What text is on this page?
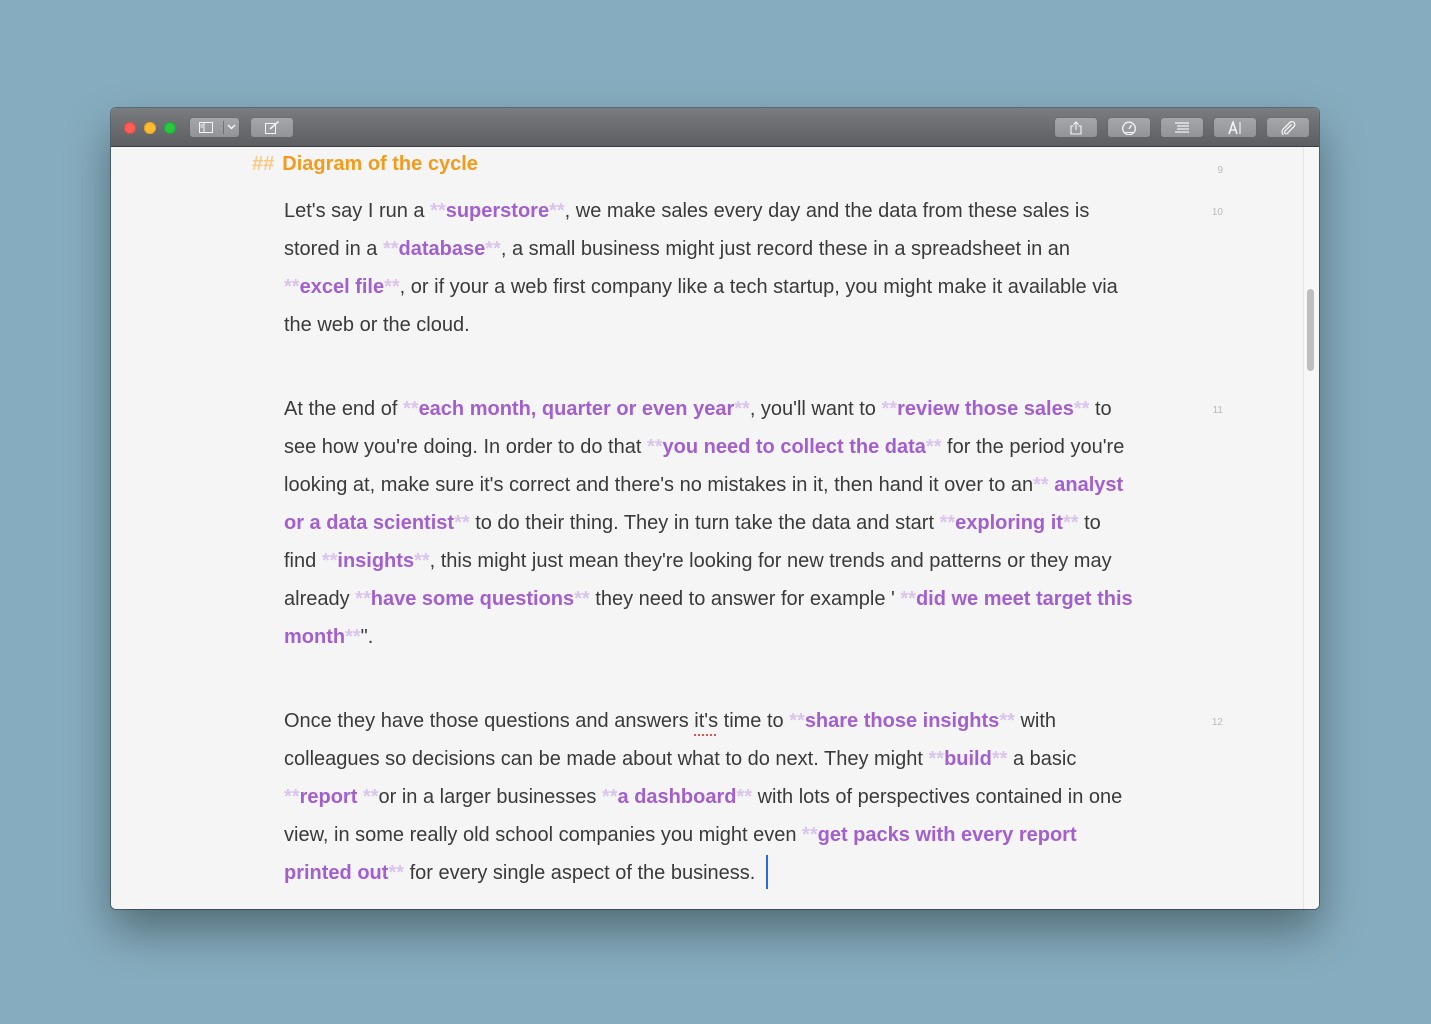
## Diagram of the cycle	9
Let's say I run a **superstore**, we make sales every day and the data from these sales is stored in a **database**, a small business might just record these in a spreadsheet in an **excel file**, or if your a web first company like a tech startup, you might make it available via the web or the cloud.
10
At the end of **each month, quarter or even year**, you'll want to **review those sales** to see how you're doing. In order to do that **you need to collect the data** for the period you're looking at, make sure it's correct and there's no mistakes in it, then hand it over to an** analyst or a data scientist** to do their thing. They in turn take the data and start **exploring it** to find **insights**, this might just mean they're looking for new trends and patterns or they may already **have some questions** they need to answer for example ' **did we meet target this month**".
11
Once they have those questions and answers it's time to **share those insights** with colleagues so decisions can be made about what to do next. They might **build** a basic **report **or in a larger businesses **a dashboard** with lots of perspectives contained in one view, in some really old school companies you might even **get packs with every report printed out** for every single aspect of the business.
12
